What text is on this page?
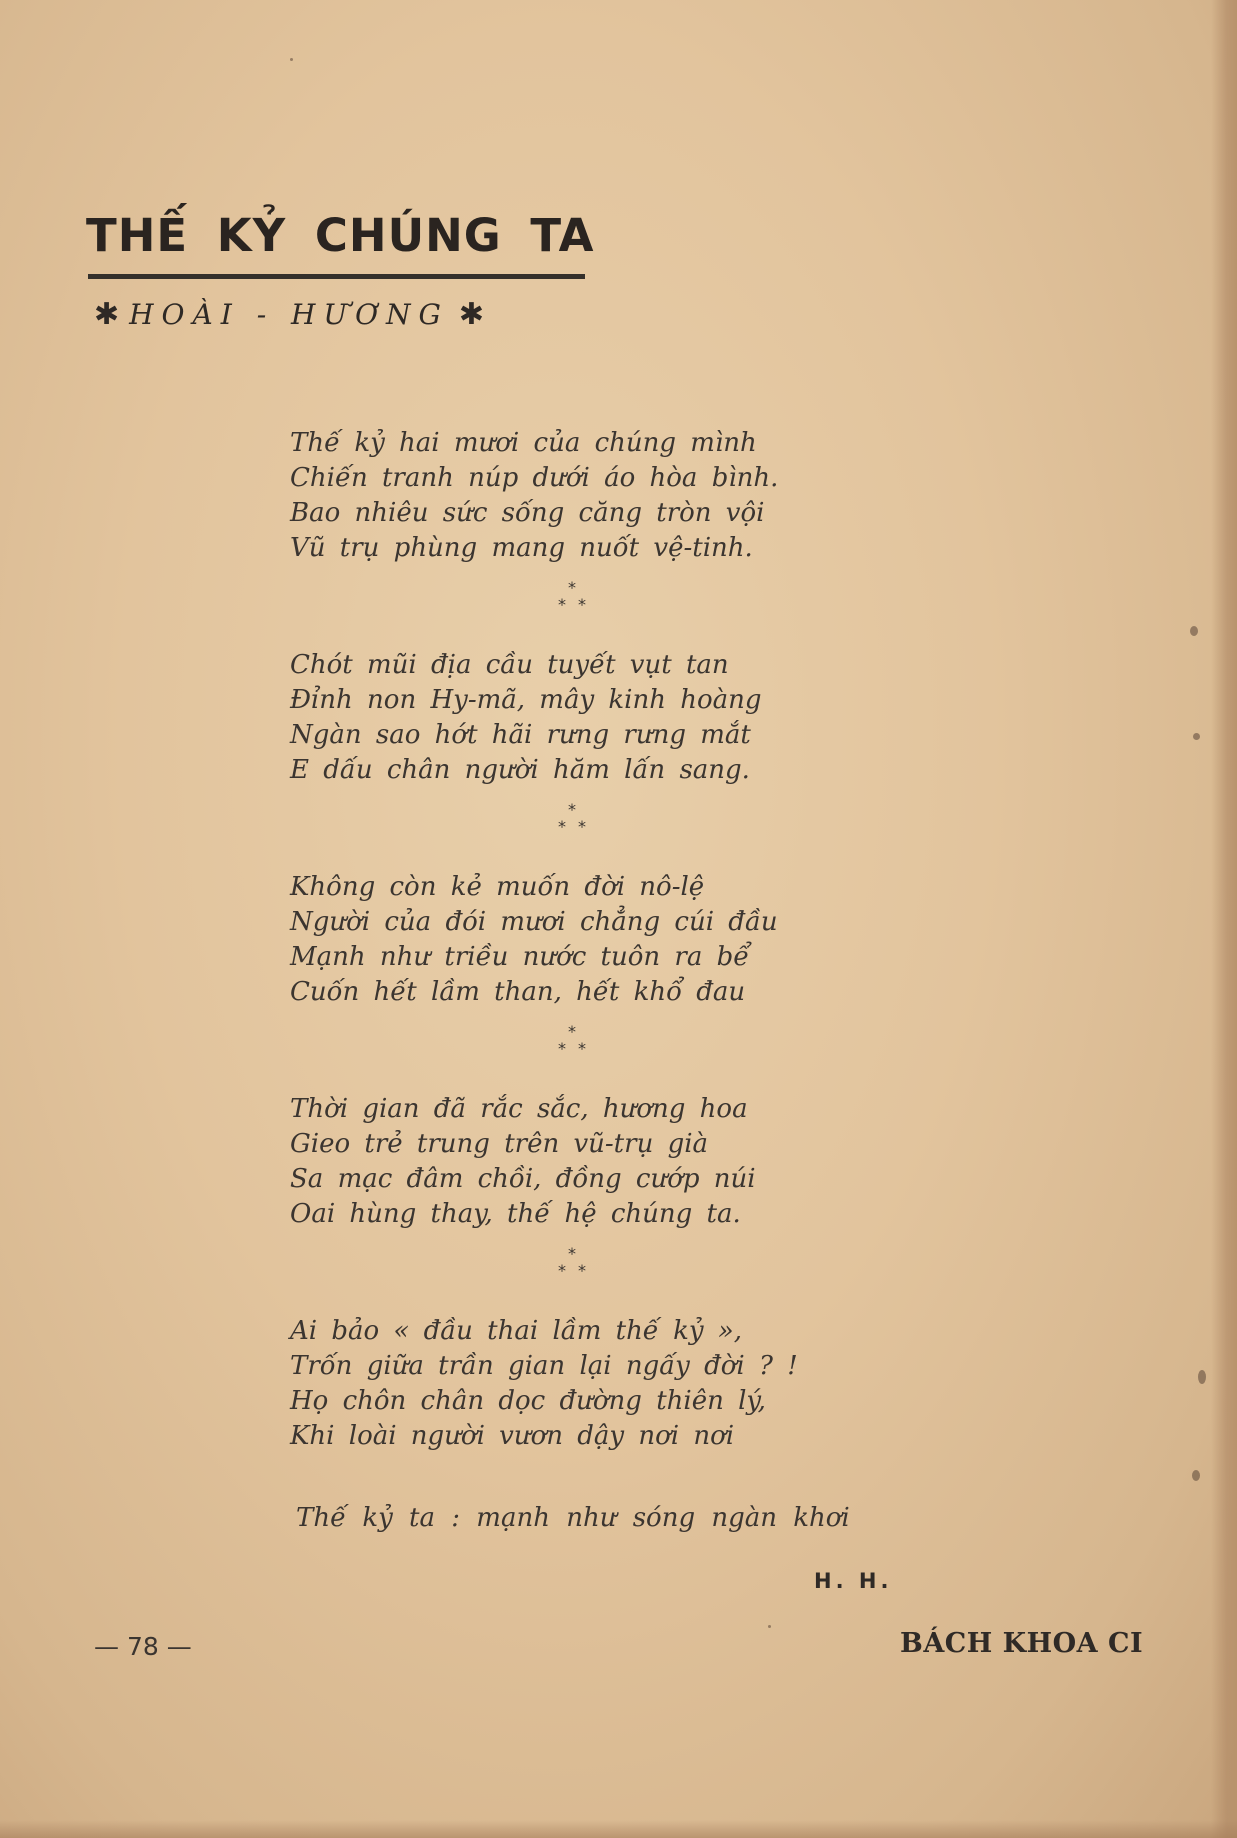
THẾ KỶ CHÚNG TA
✱ HOÀI - HƯƠNG ✱
Thế kỷ hai mươi của chúng mình
Chiến tranh núp dưới áo hòa bình.
Bao nhiêu sức sống căng tròn vội
Vũ trụ phùng mang nuốt vệ-tinh.
*
* *
Chót mũi địa cầu tuyết vụt tan
Đỉnh non Hy-mã, mây kinh hoàng
Ngàn sao hớt hãi rưng rưng mắt
E dấu chân người hăm lấn sang.
*
* *
Không còn kẻ muốn đời nô-lệ
Người của đói mươi chẳng cúi đầu
Mạnh như triều nước tuôn ra bể
Cuốn hết lầm than, hết khổ đau
*
* *
Thời gian đã rắc sắc, hương hoa
Gieo trẻ trung trên vũ-trụ già
Sa mạc đâm chồi, đồng cướp núi
Oai hùng thay, thế hệ chúng ta.
*
* *
Ai bảo « đầu thai lầm thế kỷ »,
Trốn giữa trần gian lại ngấy đời ? !
Họ chôn chân dọc đường thiên lý,
Khi loài người vươn dậy nơi nơi
Thế kỷ ta : mạnh như sóng ngàn khơi
H. H.
— 78 —	BÁCH KHOA CI
